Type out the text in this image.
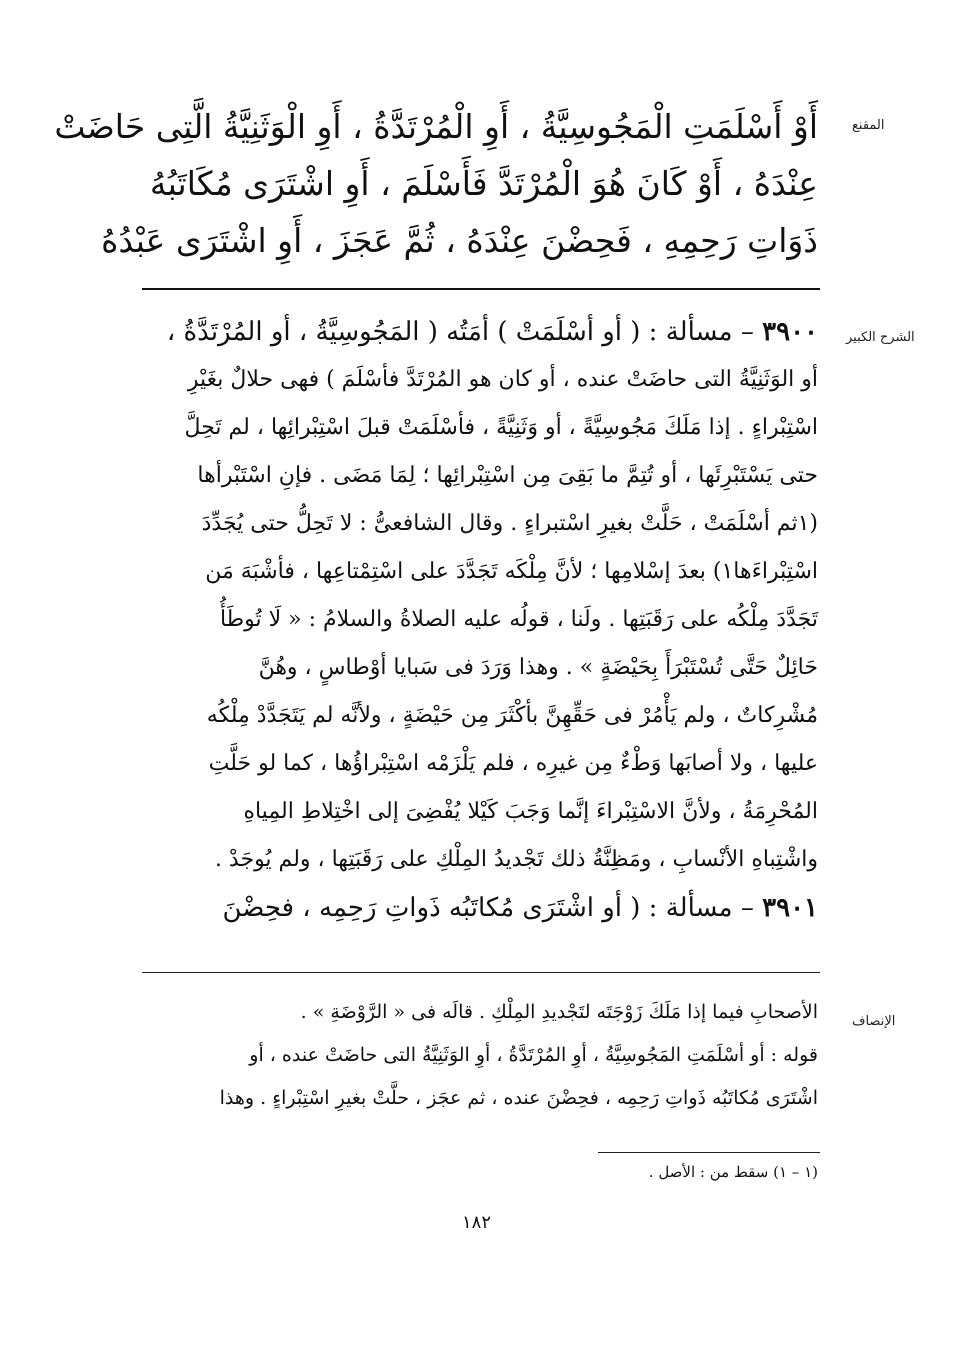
المقنع
أَوْ أَسْلَمَتِ الْمَجُوسِيَّةُ ، أَوِ الْمُرْتَدَّةُ ، أَوِ الْوَثَنِيَّةُ الَّتِى حَاضَتْ
عِنْدَهُ ، أَوْ كَانَ هُوَ الْمُرْتَدَّ فَأَسْلَمَ ، أَوِ اشْتَرَى مُكَاتَبُهُ
ذَوَاتِ رَحِمِهِ ، فَحِضْنَ عِنْدَهُ ، ثُمَّ عَجَزَ ، أَوِ اشْتَرَى عَبْدُهُ
الشرح الكبير
٣٩٠٠ – مسألة : ( أو أسْلَمَتْ ) أمَتُه ( المَجُوسِيَّةُ ، أو المُرْتَدَّةُ ،
أو الوَثَنِيَّةُ التى حاضَتْ عنده ، أو كان هو المُرْتَدَّ فأسْلَمَ ) فهى حلالٌ بغَيْرِ
اسْتِبْراءٍ . إذا مَلَكَ مَجُوسِيَّةً ، أو وَثَنِيَّةً ، فأسْلَمَتْ قبلَ اسْتِبْرائِها ، لم تَحِلَّ
حتى يَسْتَبْرِئَها ، أو تُتِمَّ ما بَقِىَ مِن اسْتِبْرائِها ؛ لِمَا مَضَى . فإنِ اسْتَبْرأها
(١ثم أسْلَمَتْ ، حَلَّتْ بغيرِ اسْتبراءٍ . وقال الشافعىُّ : لا تَحِلُّ حتى يُجَدِّدَ
اسْتِبْراءَها١) بعدَ إسْلامِها ؛ لأنَّ مِلْكَه تَجَدَّدَ على اسْتِمْتاعِها ، فأشْبَهَ مَن
تَجَدَّدَ مِلْكُه على رَقَبَتِها . ولَنا ، قولُه عليه الصلاةُ والسلامُ : « لَا تُوطَأُ
حَائِلٌ حَتَّى تُسْتَبْرَأَ بِحَيْضَةٍ » . وهذا وَرَدَ فى سَبايا أوْطاسٍ ، وهُنَّ
مُشْرِكاتٌ ، ولم يَأْمُرْ فى حَقِّهِنَّ بأكْثَرَ مِن حَيْضَةٍ ، ولأنَّه لم يَتَجَدَّدْ مِلْكُه
عليها ، ولا أصابَها وَطْءٌ مِن غيرِه ، فلم يَلْزَمْه اسْتِبْراؤُها ، كما لو حَلَّتِ
المُحْرِمَةُ ، ولأنَّ الاسْتِبْراءَ إنَّما وَجَبَ كَيْلا يُفْضِىَ إلى اخْتِلاطِ المِياهِ
واشْتِباهِ الأنْسابِ ، ومَظِنَّةُ ذلك تَجْديدُ المِلْكِ على رَقَبَتِها ، ولم يُوجَدْ .
٣٩٠١ – مسألة : ( أو اشْتَرَى مُكاتَبُه ذَواتِ رَحِمِه ، فحِضْنَ
الإنصاف
الأصحابِ فيما إذا مَلَكَ زَوْجَتَه لتَجْديدِ المِلْكِ . قالَه فى « الرَّوْضَةِ » .
قوله : أو أسْلَمَتِ المَجُوسِيَّةُ ، أوِ المُرْتَدَّةُ ، أوِ الوَثَنِيَّةُ التى حاضَتْ عنده ، أو
اشْتَرَى مُكاتَبُه ذَواتِ رَحِمِه ، فحِضْنَ عنده ، ثم عجَز ، حلَّتْ بغيرِ اسْتِبْراءٍ . وهذا
(١ – ١) سقط من : الأصل .
١٨٢
